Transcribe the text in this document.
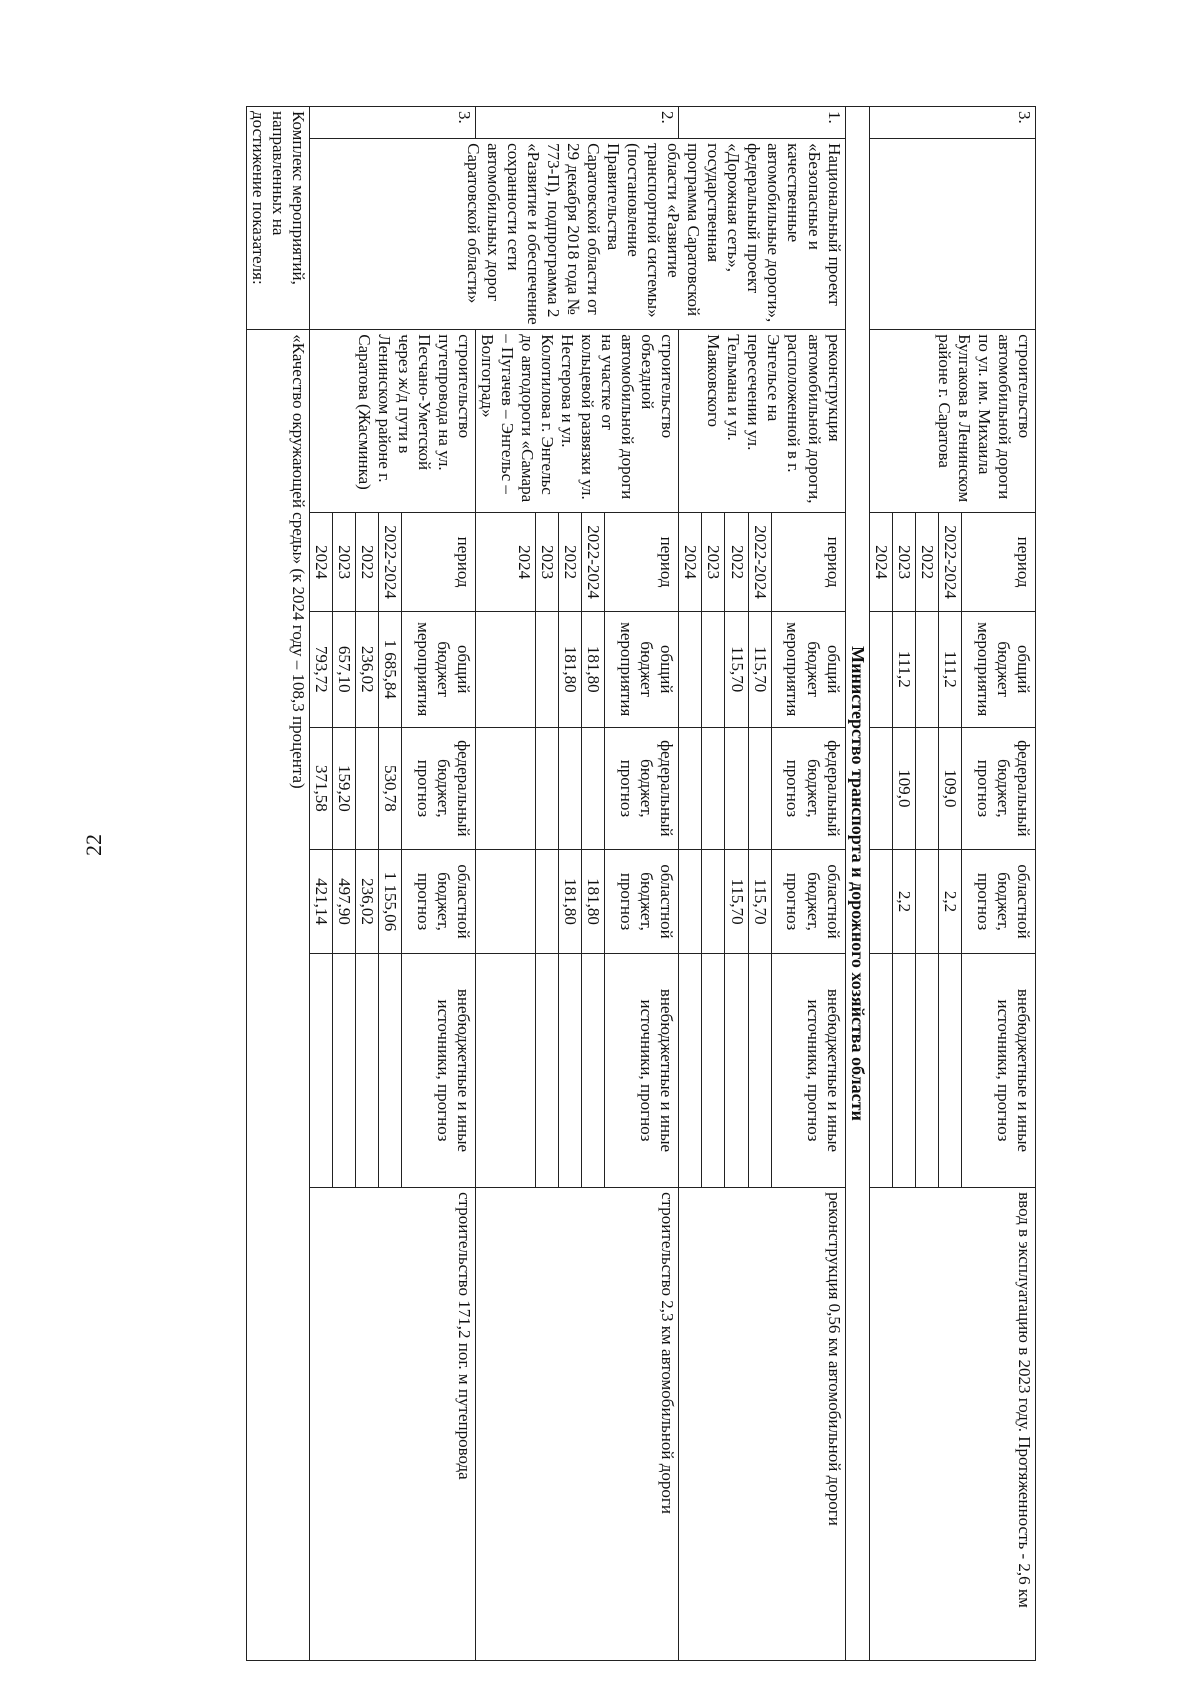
22
3.		строительство автомобильной дороги по ул. им. Михаила Булгакова в Ленинском районе г. Саратова	период	общий бюджет мероприятия	федеральный бюджет, прогноз	областной бюджет, прогноз	внебюджетные и иные источники, прогноз	ввод в эксплуатацию в 2023 году. Протяженность - 2,6 км
			2022-2024	111,2	109,0	2,2		
			2022					
			2023	111,2	109,0	2,2		
			2024					
Министерство транспорта и дорожного хозяйства области								
1.	Национальный проект «Безопасные и качественные автомобильные дороги», федеральный проект «Дорожная сеть», государственная программа Саратовской области «Развитие транспортной системы» (постановление Правительства Саратовской области от 29 декабря 2018 года № 773-П), подпрограмма 2 «Развитие и обеспечение сохранности сети автомобильных дорог Саратовской области»	реконструкция автомобильной дороги, расположенной в г. Энгельсе на пересечении ул. Тельмана и ул. Маяковского	период	общий бюджет мероприятия	федеральный бюджет, прогноз	областной бюджет, прогноз	внебюджетные и иные источники, прогноз	реконструкция 0,56 км автомобильной дороги
			2022-2024	115,70		115,70		
			2022	115,70		115,70		
			2023					
			2024					
2.		строительство объездной автомобильной дороги на участке от кольцевой развязки ул. Нестерова и ул. Колотилова г. Энгельс до автодороги «Самара – Пугачев – Энгельс – Волгоград»	период	общий бюджет мероприятия	федеральный бюджет, прогноз	областной бюджет, прогноз	внебюджетные и иные источники, прогноз	строительство 2,3 км автомобильной дороги
			2022-2024	181,80		181,80		
			2022	181,80		181,80		
			2023					
			2024					
3.		строительство путепровода на ул. Песчано-Уметской через ж/д пути в Ленинском районе г. Саратова (Жасминка)	период	общий бюджет мероприятия	федеральный бюджет, прогноз	областной бюджет, прогноз	внебюджетные и иные источники, прогноз	строительство 171,2 пог. м путепровода
			2022-2024	1 685,84	530,78	1 155,06		
			2022	236,02		236,02		
			2023	657,10	159,20	497,90		
			2024	793,72	371,58	421,14		
Комплекс мероприятий, направленных на достижение показателя:		«Качество окружающей среды» (к 2024 году – 108,3 процента)						
